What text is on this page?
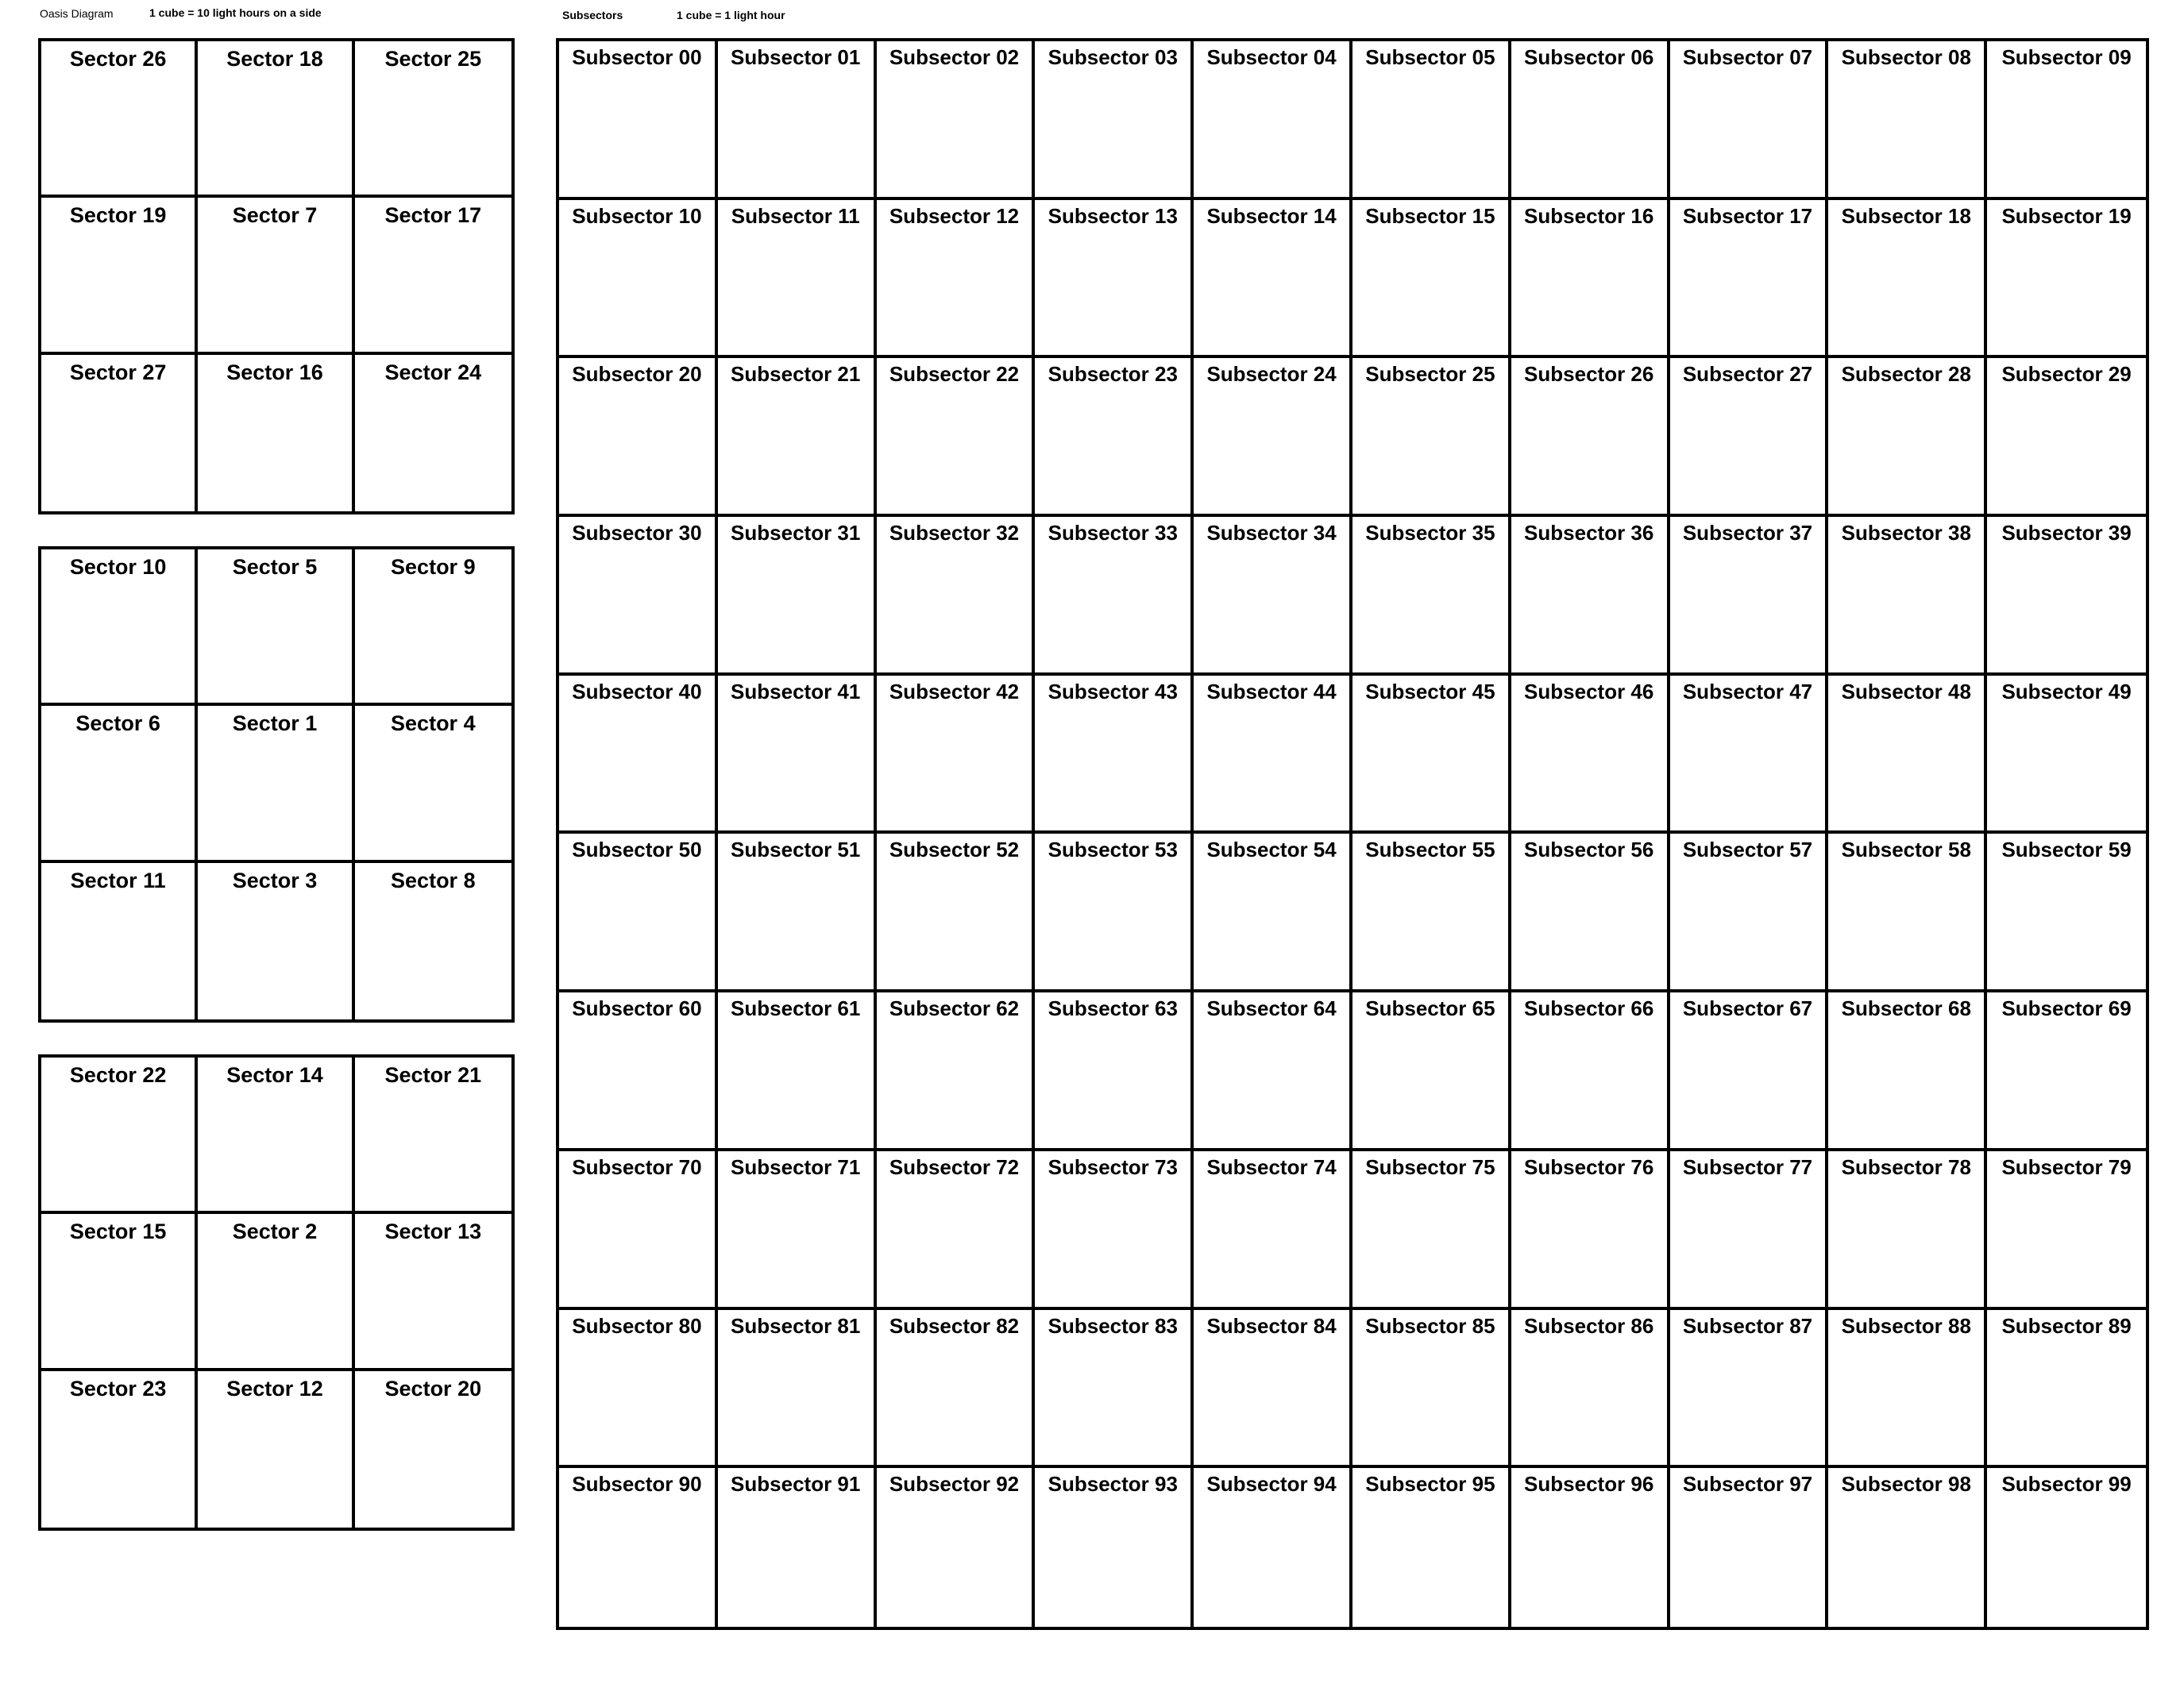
Oasis Diagram	1 cube = 10 light hours on a side	Subsectors	1 cube = 1 light hour
Sector 26	Sector 18	Sector 25
Sector 19	Sector 7	Sector 17
Sector 27	Sector 16	Sector 24
Sector 10	Sector 5	Sector 9
Sector 6	Sector 1	Sector 4
Sector 11	Sector 3	Sector 8
Sector 22	Sector 14	Sector 21
Sector 15	Sector 2	Sector 13
Sector 23	Sector 12	Sector 20
Subsector 00	Subsector 01	Subsector 02	Subsector 03	Subsector 04	Subsector 05	Subsector 06	Subsector 07	Subsector 08	Subsector 09
Subsector 10	Subsector 11	Subsector 12	Subsector 13	Subsector 14	Subsector 15	Subsector 16	Subsector 17	Subsector 18	Subsector 19
Subsector 20	Subsector 21	Subsector 22	Subsector 23	Subsector 24	Subsector 25	Subsector 26	Subsector 27	Subsector 28	Subsector 29
Subsector 30	Subsector 31	Subsector 32	Subsector 33	Subsector 34	Subsector 35	Subsector 36	Subsector 37	Subsector 38	Subsector 39
Subsector 40	Subsector 41	Subsector 42	Subsector 43	Subsector 44	Subsector 45	Subsector 46	Subsector 47	Subsector 48	Subsector 49
Subsector 50	Subsector 51	Subsector 52	Subsector 53	Subsector 54	Subsector 55	Subsector 56	Subsector 57	Subsector 58	Subsector 59
Subsector 60	Subsector 61	Subsector 62	Subsector 63	Subsector 64	Subsector 65	Subsector 66	Subsector 67	Subsector 68	Subsector 69
Subsector 70	Subsector 71	Subsector 72	Subsector 73	Subsector 74	Subsector 75	Subsector 76	Subsector 77	Subsector 78	Subsector 79
Subsector 80	Subsector 81	Subsector 82	Subsector 83	Subsector 84	Subsector 85	Subsector 86	Subsector 87	Subsector 88	Subsector 89
Subsector 90	Subsector 91	Subsector 92	Subsector 93	Subsector 94	Subsector 95	Subsector 96	Subsector 97	Subsector 98	Subsector 99
